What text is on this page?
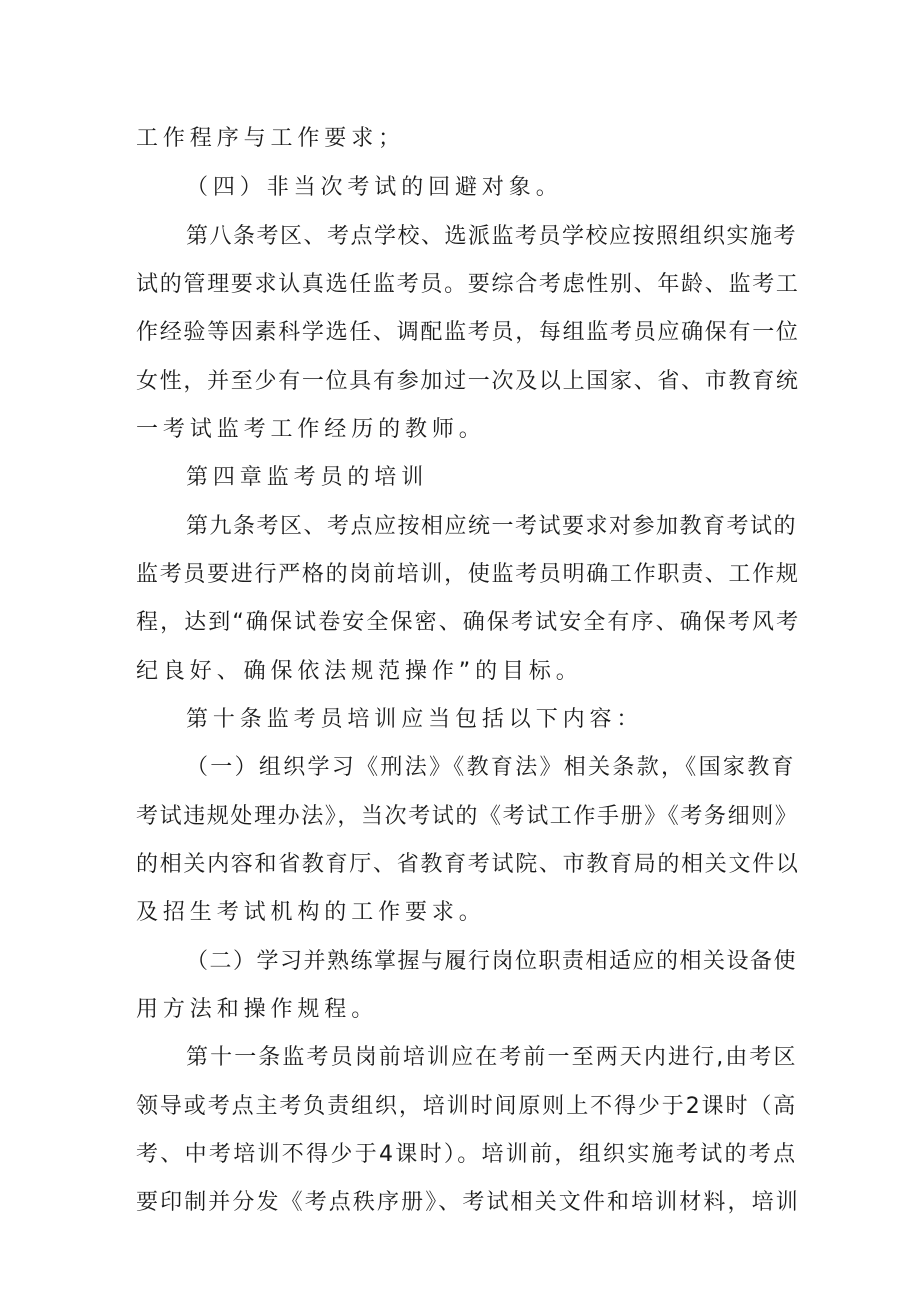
工作程序与工作要求；
（四）非当次考试的回避对象。
第八条考区、考点学校、选派监考员学校应按照组织实施考
试的管理要求认真选任监考员。要综合考虑性别、年龄、监考工
作经验等因素科学选任、调配监考员，每组监考员应确保有一位
女性，并至少有一位具有参加过一次及以上国家、省、市教育统
一考试监考工作经历的教师。
第四章监考员的培训
第九条考区、考点应按相应统一考试要求对参加教育考试的
监考员要进行严格的岗前培训，使监考员明确工作职责、工作规
程，达到“确保试卷安全保密、确保考试安全有序、确保考风考
纪良好、确保依法规范操作”的目标。
第十条监考员培训应当包括以下内容：
（一）组织学习《刑法》《教育法》相关条款，《国家教育
考试违规处理办法》，当次考试的《考试工作手册》《考务细则》
的相关内容和省教育厅、省教育考试院、市教育局的相关文件以
及招生考试机构的工作要求。
（二）学习并熟练掌握与履行岗位职责相适应的相关设备使
用方法和操作规程。
第十一条监考员岗前培训应在考前一至两天内进行,由考区
领导或考点主考负责组织，培训时间原则上不得少于2课时（高
考、中考培训不得少于4课时）。培训前，组织实施考试的考点
要印制并分发《考点秩序册》、考试相关文件和培训材料，培训
